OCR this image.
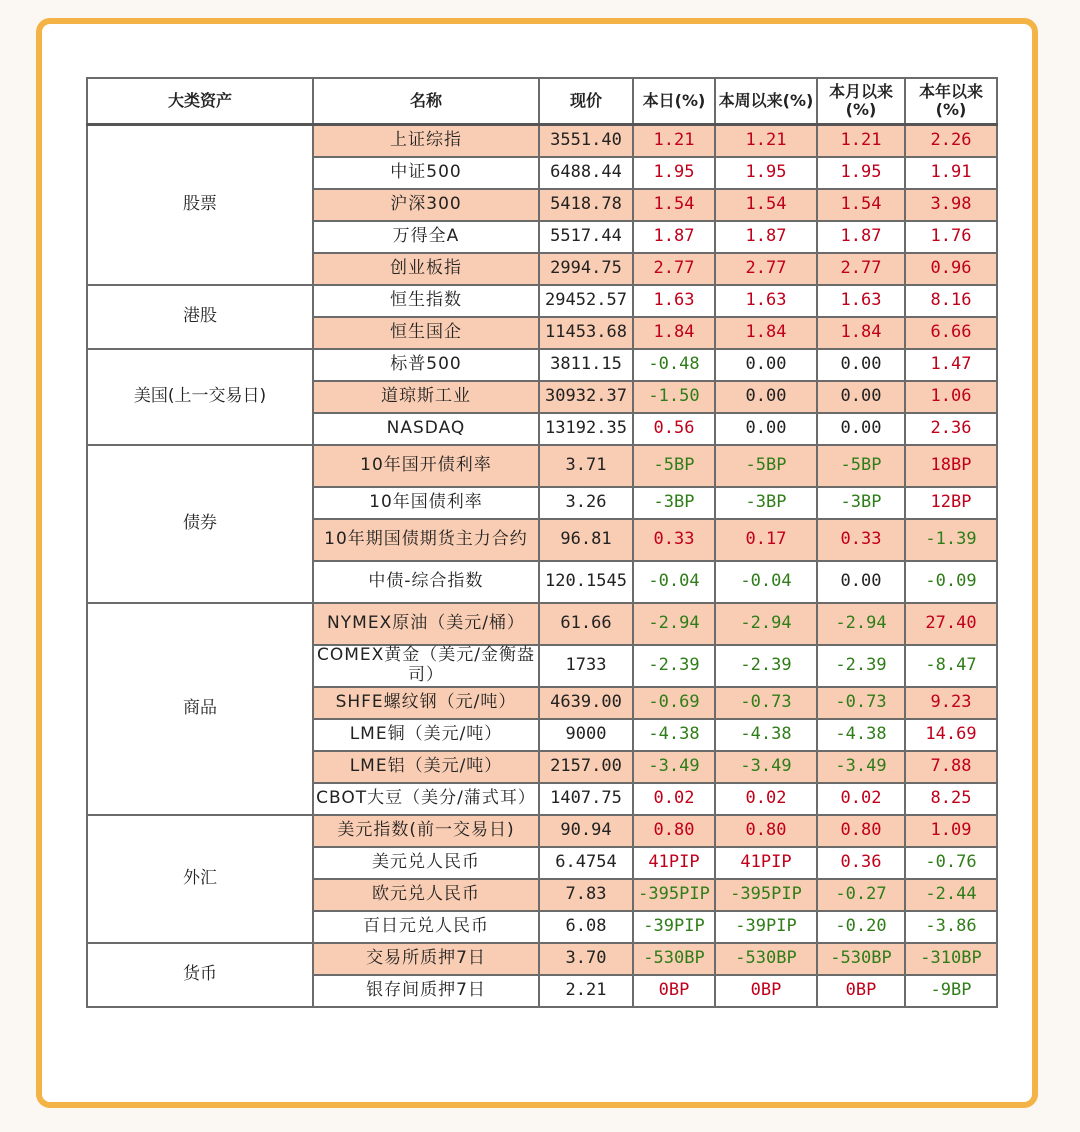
大类资产	名称	现价	本日(%)	本周以来(%)	本月以来(%)	本年以来(%)
股票	上证综指	3551.40	1.21	1.21	1.21	2.26
	中证500	6488.44	1.95	1.95	1.95	1.91
	沪深300	5418.78	1.54	1.54	1.54	3.98
	万得全A	5517.44	1.87	1.87	1.87	1.76
	创业板指	2994.75	2.77	2.77	2.77	0.96
港股	恒生指数	29452.57	1.63	1.63	1.63	8.16
	恒生国企	11453.68	1.84	1.84	1.84	6.66
美国(上一交易日)	标普500	3811.15	-0.48	0.00	0.00	1.47
	道琼斯工业	30932.37	-1.50	0.00	0.00	1.06
	NASDAQ	13192.35	0.56	0.00	0.00	2.36
债券	10年国开债利率	3.71	-5BP	-5BP	-5BP	18BP
	10年国债利率	3.26	-3BP	-3BP	-3BP	12BP
	10年期国债期货主力合约	96.81	0.33	0.17	0.33	-1.39
	中债-综合指数	120.1545	-0.04	-0.04	0.00	-0.09
商品	NYMEX原油（美元/桶）	61.66	-2.94	-2.94	-2.94	27.40
	COMEX黄金（美元/金衡盎司）	1733	-2.39	-2.39	-2.39	-8.47
	SHFE螺纹钢（元/吨）	4639.00	-0.69	-0.73	-0.73	9.23
	LME铜（美元/吨）	9000	-4.38	-4.38	-4.38	14.69
	LME铝（美元/吨）	2157.00	-3.49	-3.49	-3.49	7.88
	CBOT大豆（美分/蒲式耳）	1407.75	0.02	0.02	0.02	8.25
外汇	美元指数(前一交易日)	90.94	0.80	0.80	0.80	1.09
	美元兑人民币	6.4754	41PIP	41PIP	0.36	-0.76
	欧元兑人民币	7.83	-395PIP	-395PIP	-0.27	-2.44
	百日元兑人民币	6.08	-39PIP	-39PIP	-0.20	-3.86
货币	交易所质押7日	3.70	-530BP	-530BP	-530BP	-310BP
	银存间质押7日	2.21	0BP	0BP	0BP	-9BP
